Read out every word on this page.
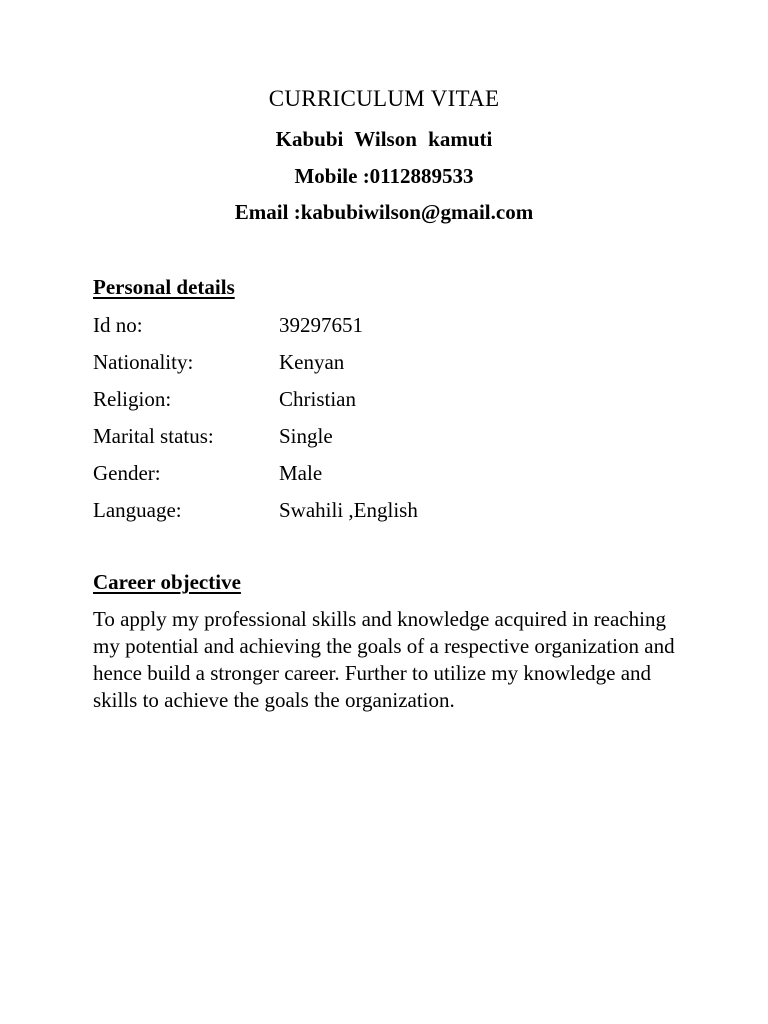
CURRICULUM VITAE
Kabubi Wilson kamuti
Mobile :0112889533
Email :kabubiwilson@gmail.com
Personal details
Id no:	39297651
Nationality:	Kenyan
Religion:	Christian
Marital status:	Single
Gender:	Male
Language:	Swahili ,English
Career objective

To apply my professional skills and knowledge acquired in reaching my potential and achieving the goals of a respective organization and hence build a stronger career. Further to utilize my knowledge and skills to achieve the goals the organization.
